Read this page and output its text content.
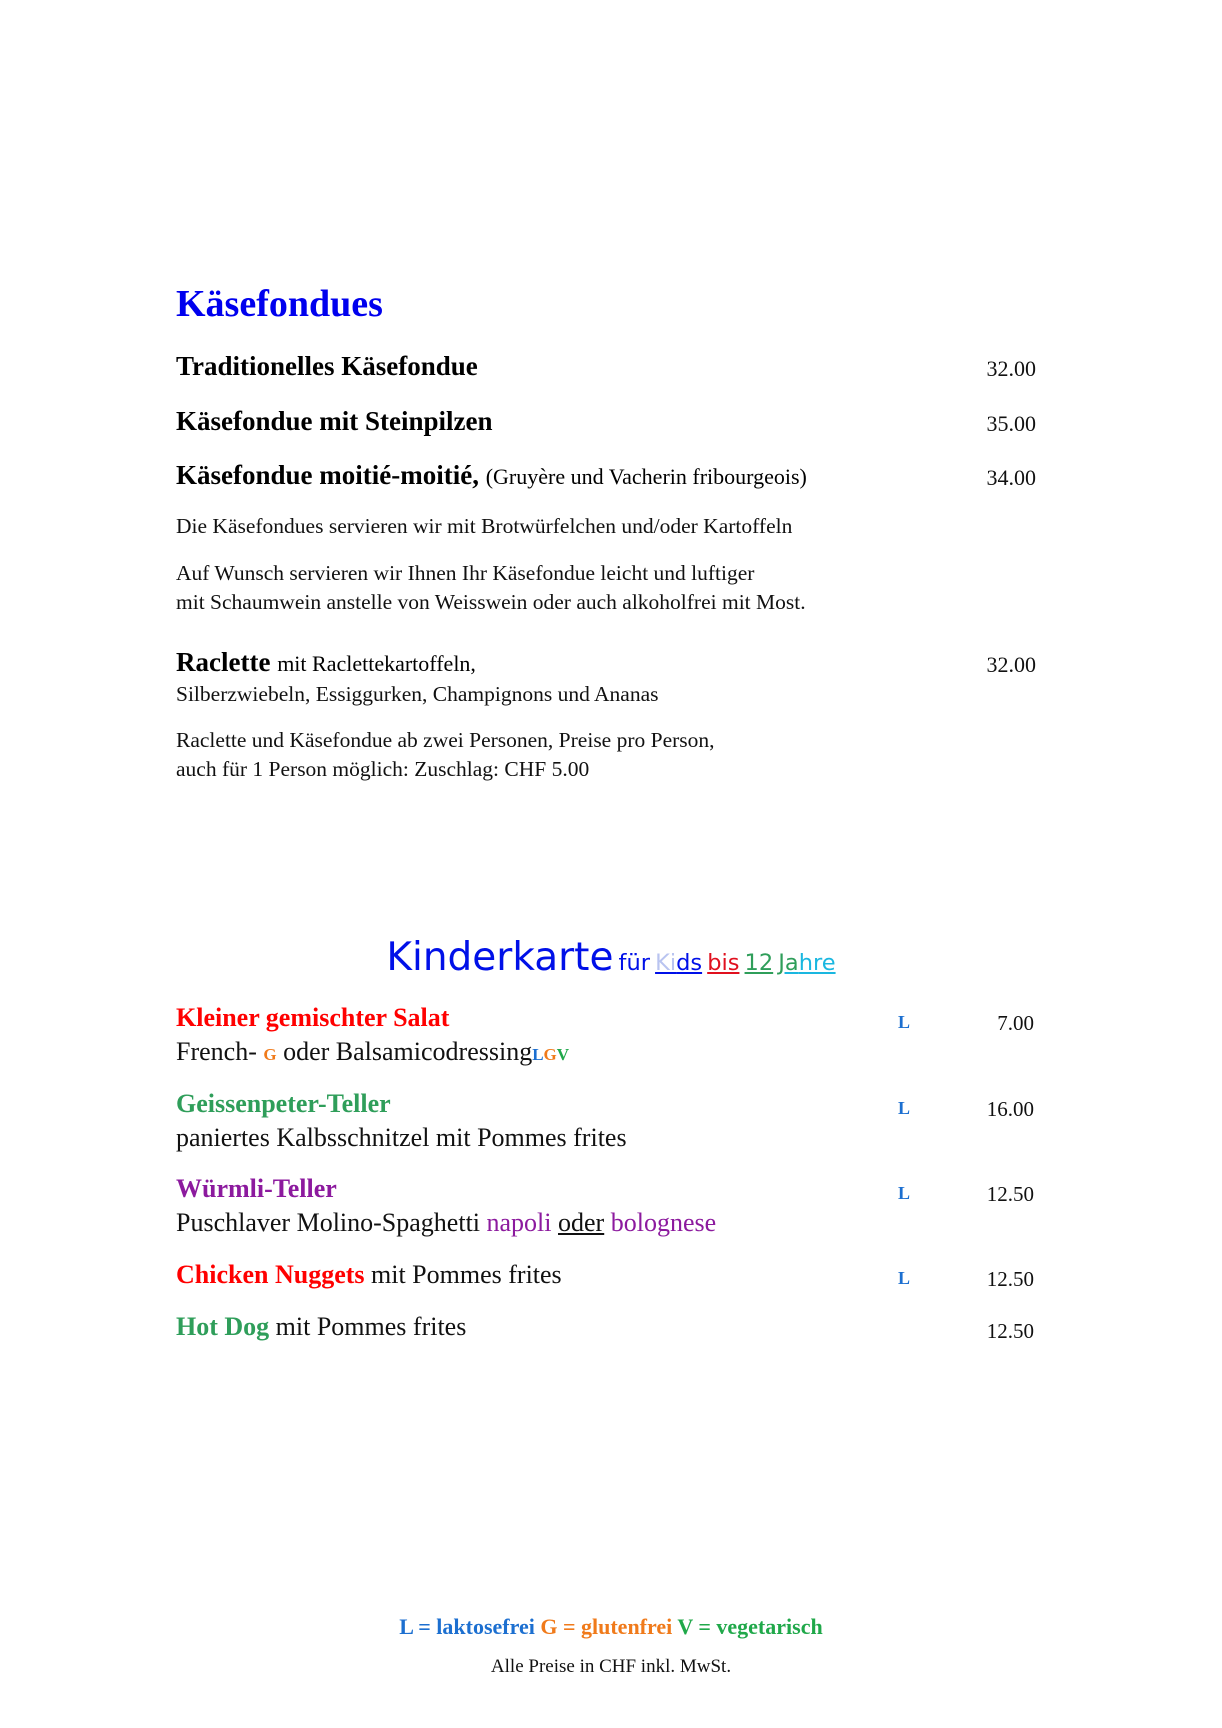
Käsefondues
Traditionelles Käsefondue	32.00
Käsefondue mit Steinpilzen	35.00
Käsefondue moitié-moitié, (Gruyère und Vacherin fribourgeois)	34.00
Die Käsefondues servieren wir mit Brotwürfelchen und/oder Kartoffeln
Auf Wunsch servieren wir Ihnen Ihr Käsefondue leicht und luftiger
mit Schaumwein anstelle von Weisswein oder auch alkoholfrei mit Most.
Raclette mit Raclettekartoffeln,	32.00
Silberzwiebeln, Essiggurken, Champignons und Ananas
Raclette und Käsefondue ab zwei Personen, Preise pro Person,
auch für 1 Person möglich: Zuschlag: CHF 5.00
Kinderkarte für Kids bis 12 Jahre
Kleiner gemischter Salat	L	7.00
French- G oder BalsamicodressingLGV
Geissenpeter-Teller	L	16.00
paniertes Kalbsschnitzel mit Pommes frites
Würmli-Teller	L	12.50
Puschlaver Molino-Spaghetti napoli oder bolognese
Chicken Nuggets mit Pommes frites	L	12.50
Hot Dog mit Pommes frites	12.50
L = laktosefrei G = glutenfrei V = vegetarisch
Alle Preise in CHF inkl. MwSt.
